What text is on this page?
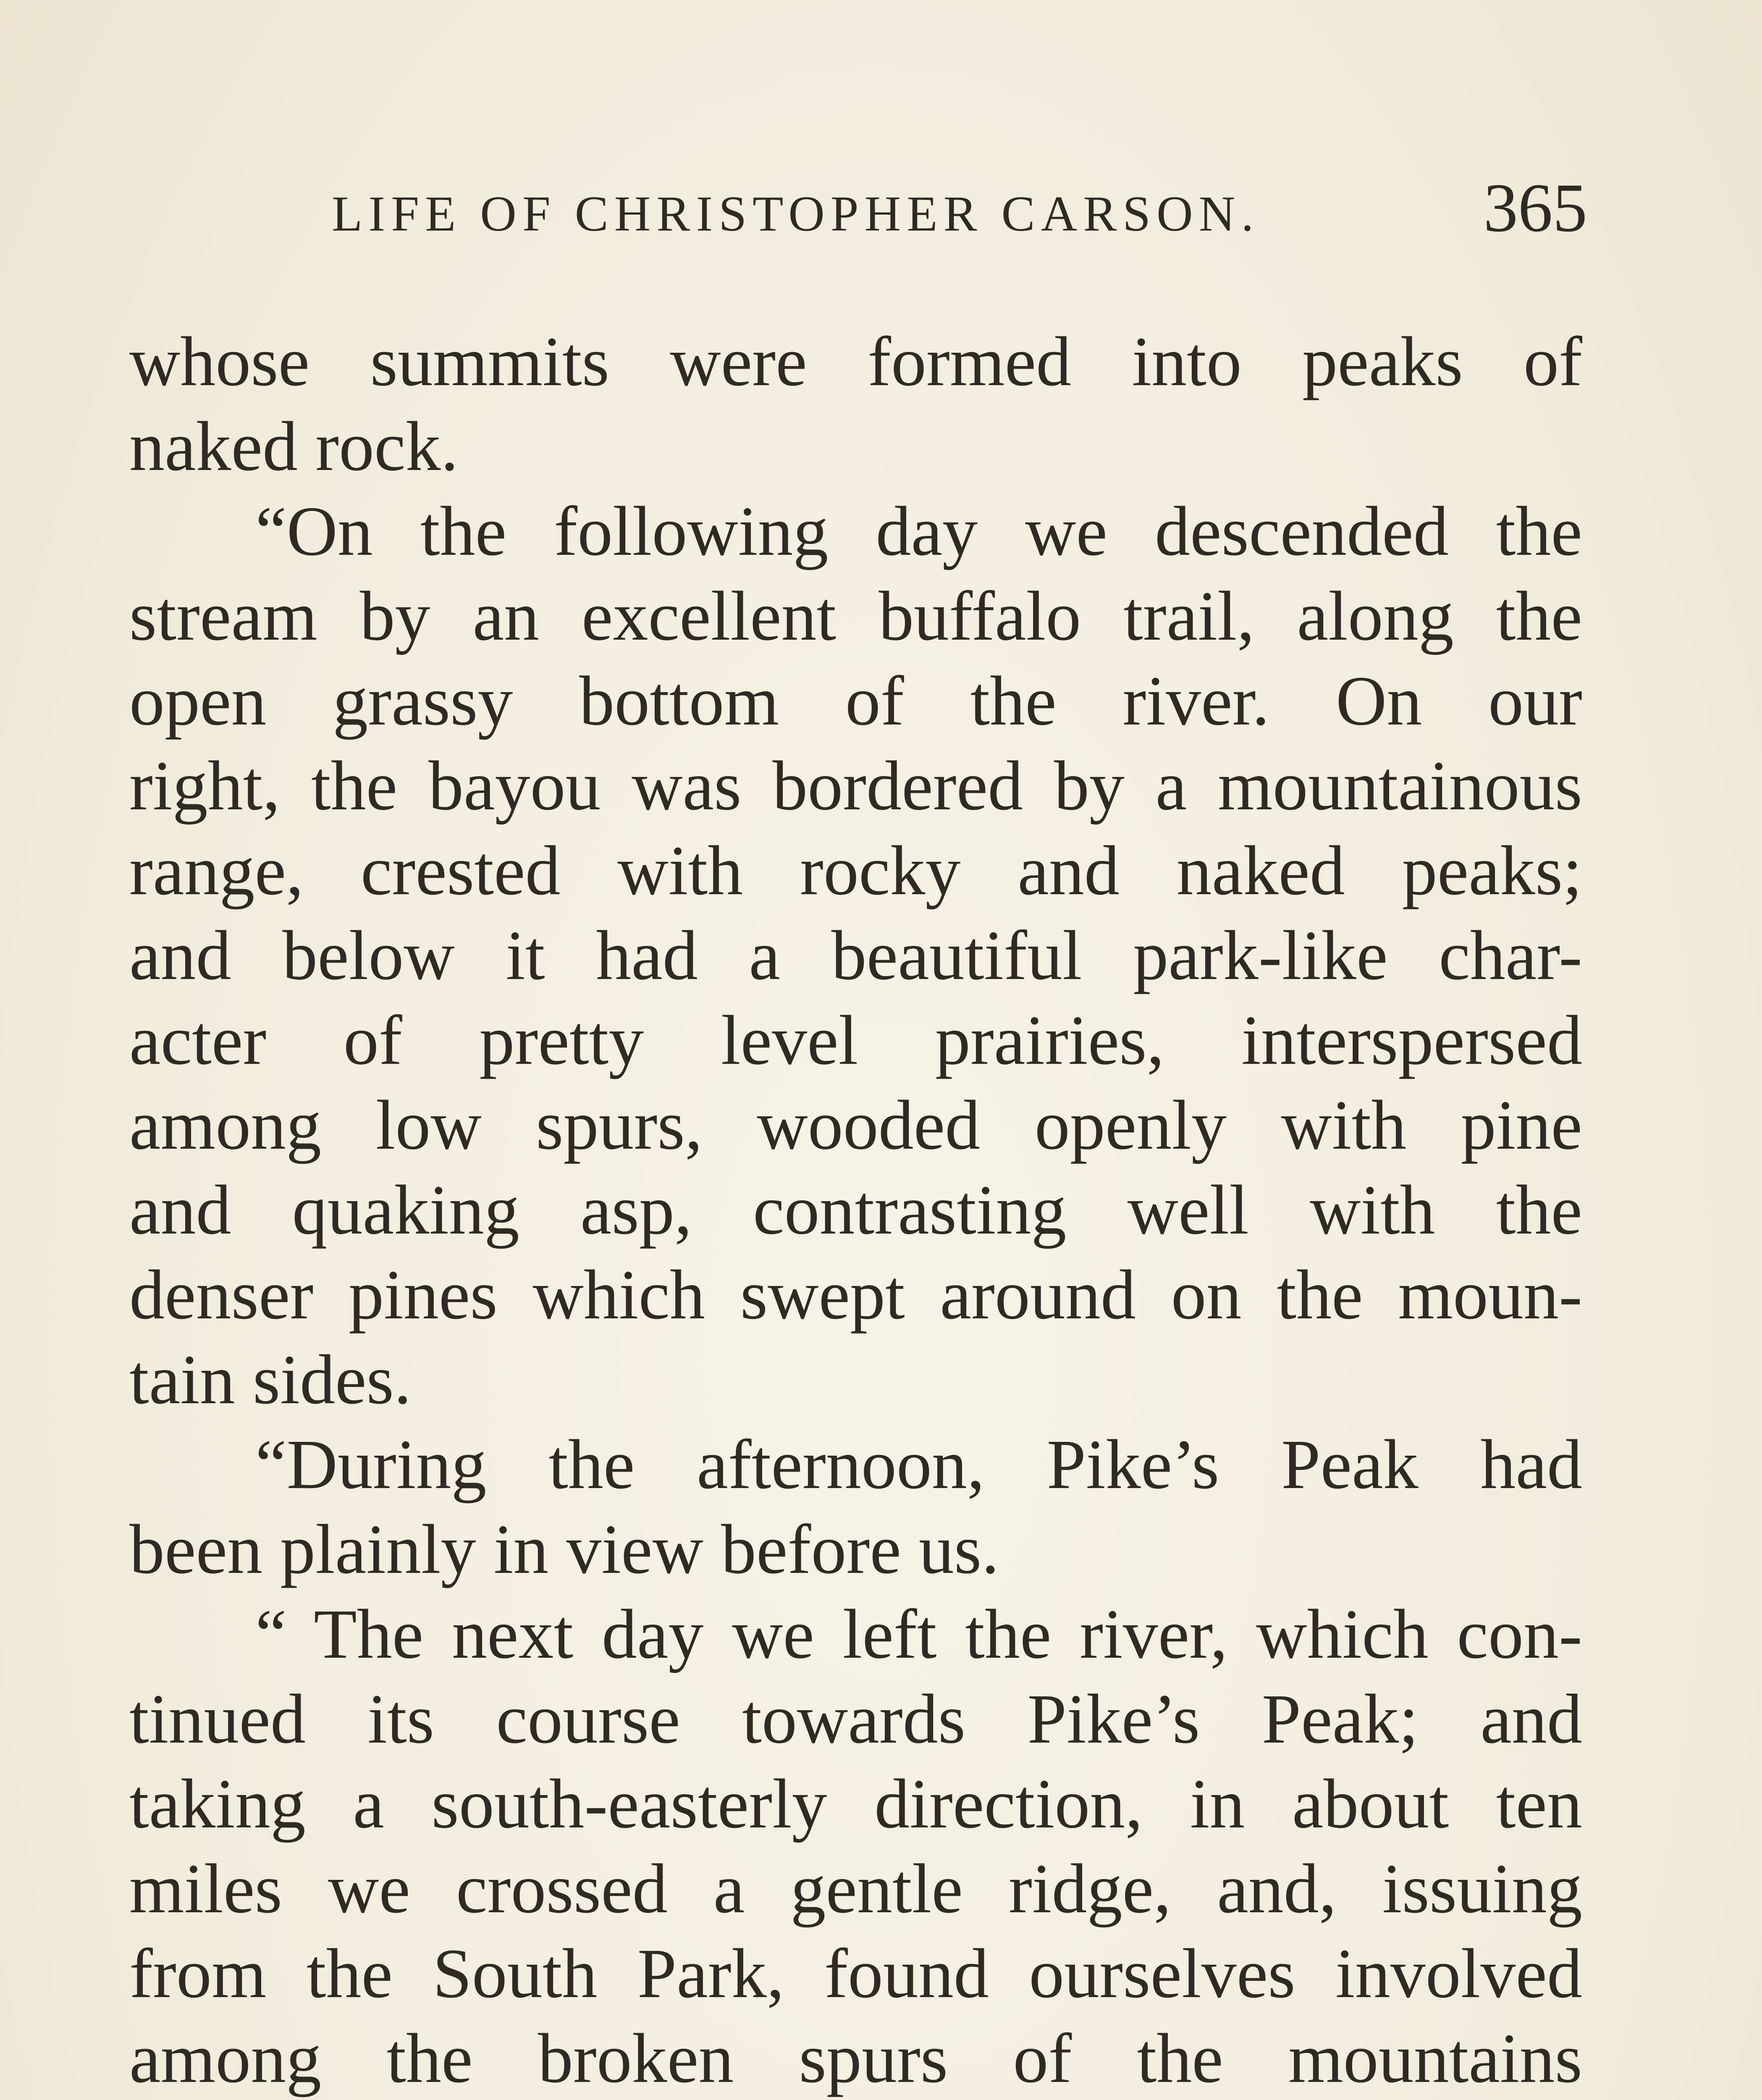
LIFE OF CHRISTOPHER CARSON.	365
whose summits were formed into peaks of
naked rock.
“On the following day we descended the
stream by an excellent buffalo trail, along the
open grassy bottom of the river. On our
right, the bayou was bordered by a mountainous
range, crested with rocky and naked peaks;
and below it had a beautiful park-like char-
acter of pretty level prairies, interspersed
among low spurs, wooded openly with pine
and quaking asp, contrasting well with the
denser pines which swept around on the moun-
tain sides.
“During the afternoon, Pike’s Peak had
been plainly in view before us.
“ The next day we left the river, which con-
tinued its course towards Pike’s Peak; and
taking a south-easterly direction, in about ten
miles we crossed a gentle ridge, and, issuing
from the South Park, found ourselves involved
among the broken spurs of the mountains
